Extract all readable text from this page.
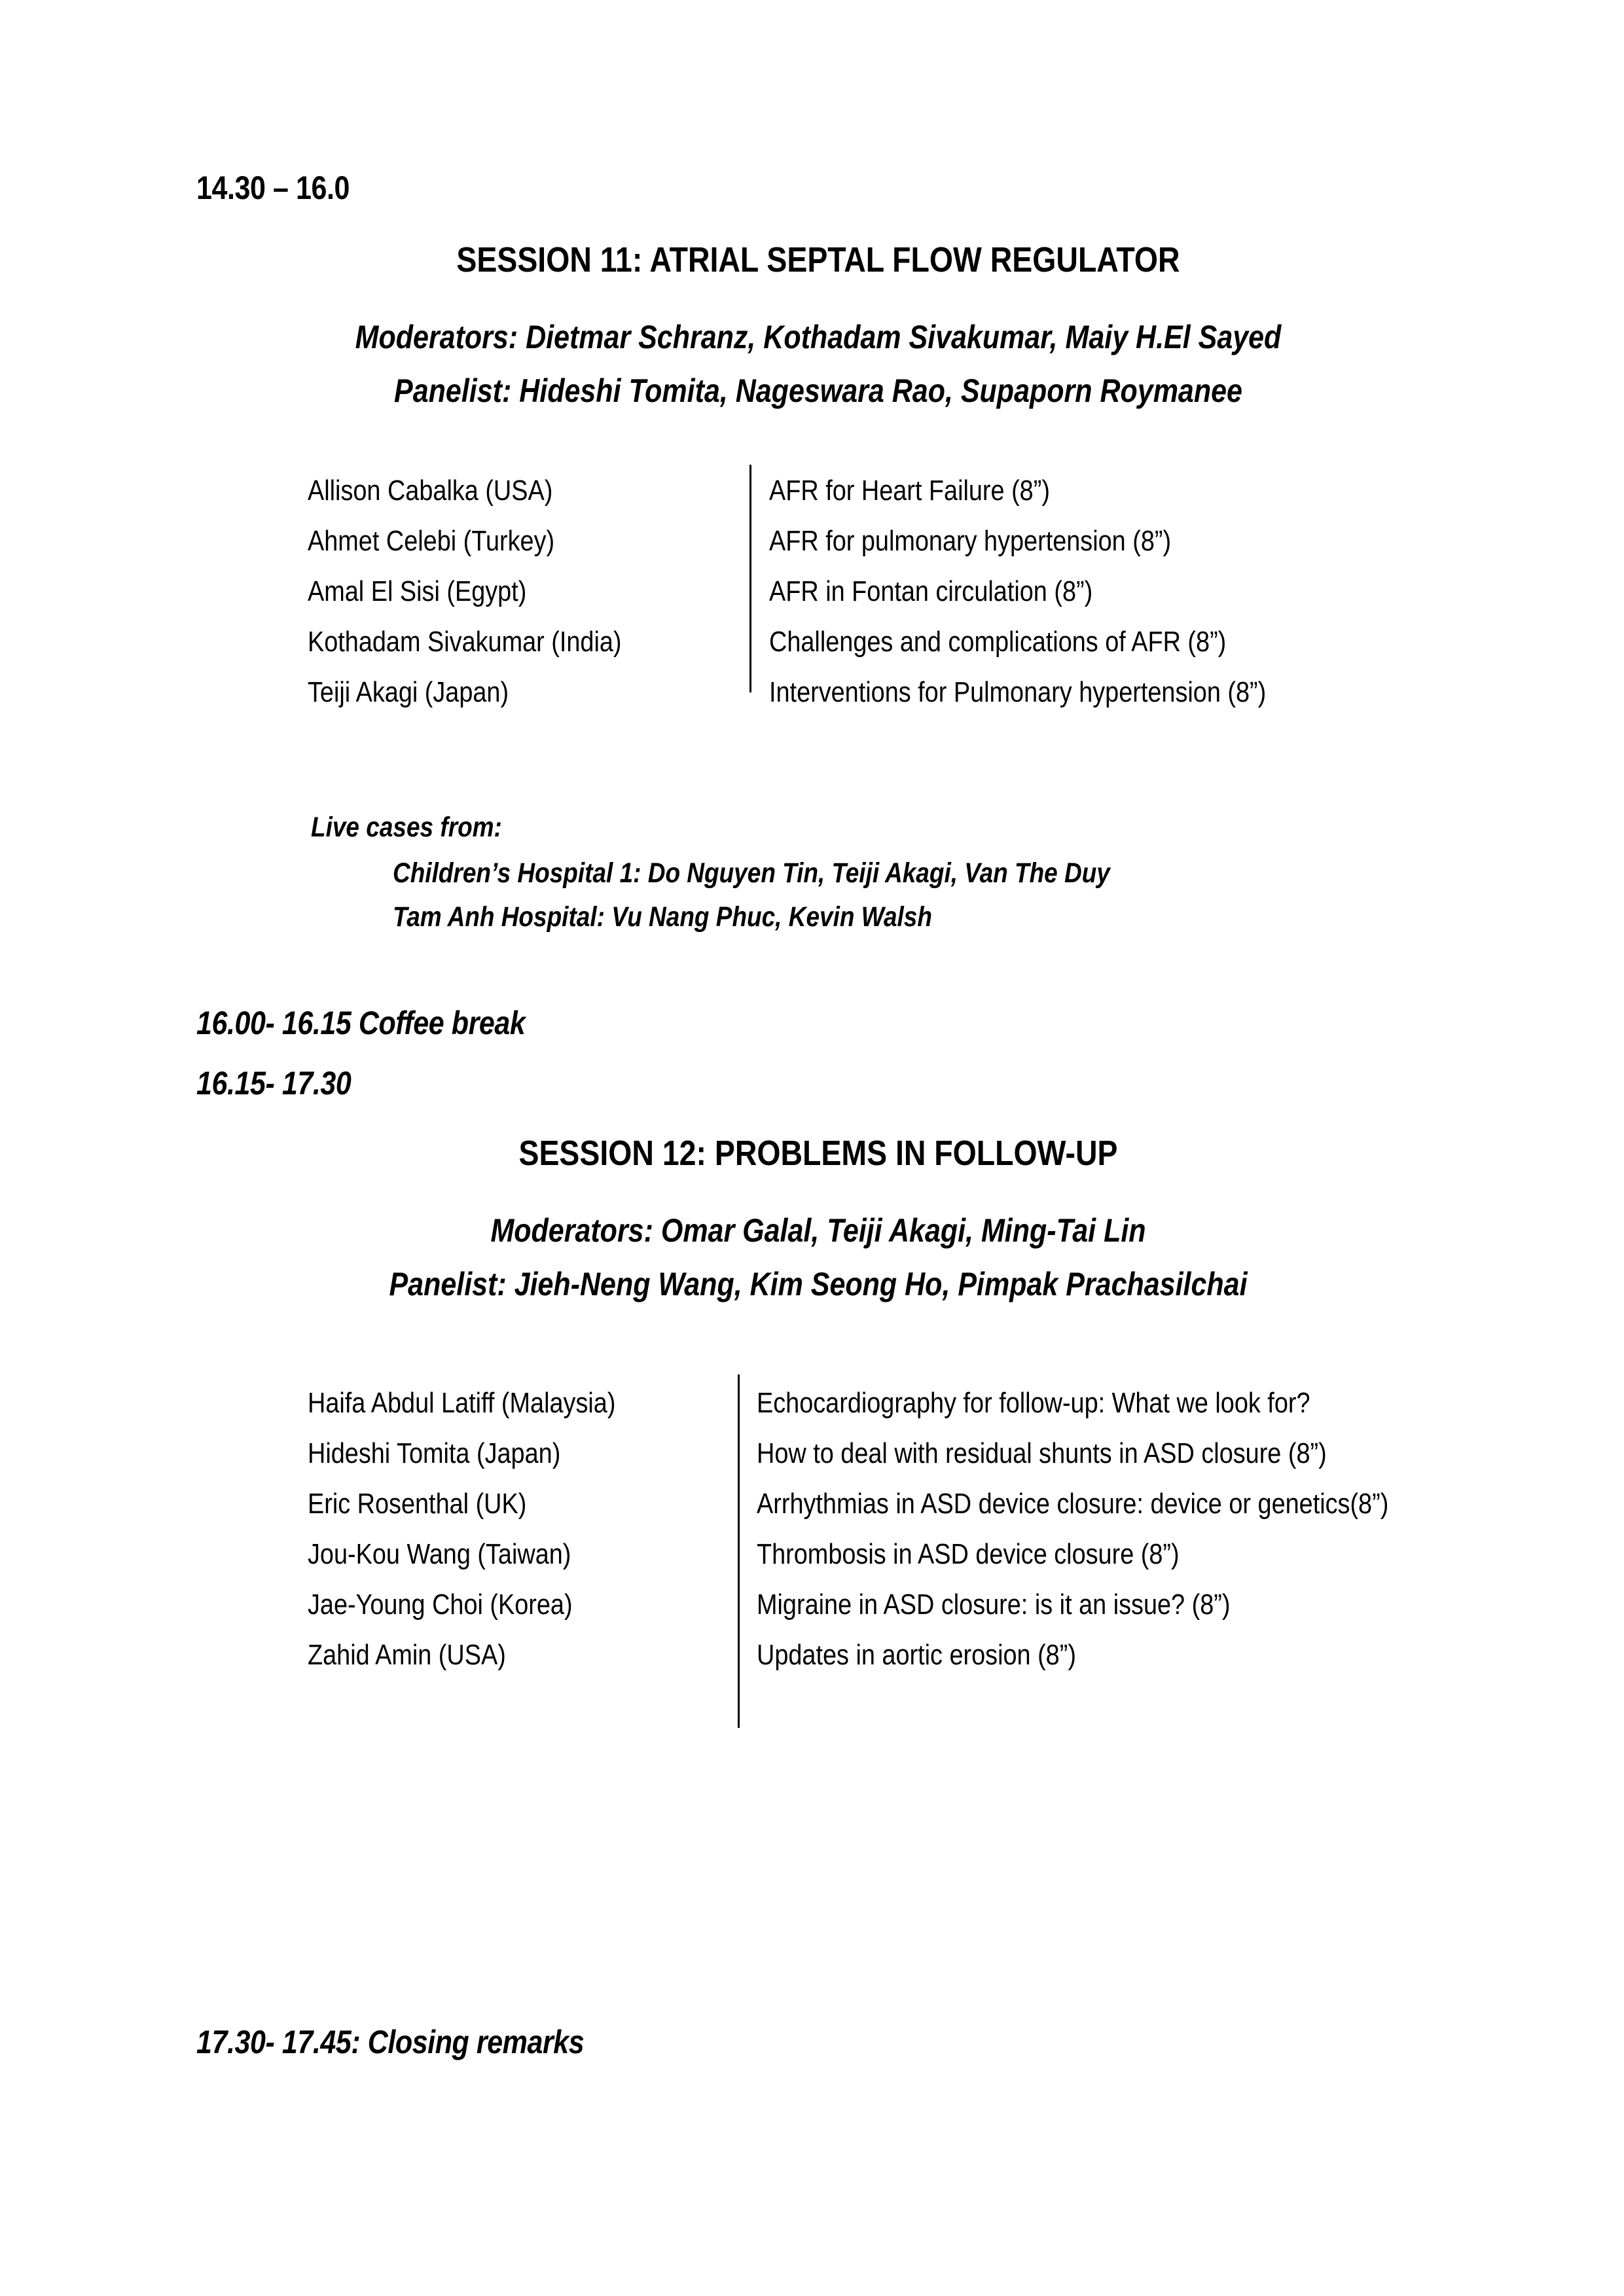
14.30 – 16.0
SESSION 11: ATRIAL SEPTAL FLOW REGULATOR
Moderators: Dietmar Schranz, Kothadam Sivakumar, Maiy H.El Sayed
Panelist: Hideshi Tomita, Nageswara Rao, Supaporn Roymanee
Allison Cabalka (USA)	AFR for Heart Failure (8”)
Ahmet Celebi (Turkey)	AFR for pulmonary hypertension (8”)
Amal El Sisi (Egypt)	AFR in Fontan circulation (8”)
Kothadam Sivakumar (India)	Challenges and complications of AFR (8”)
Teiji Akagi (Japan)	Interventions for Pulmonary hypertension (8”)
Live cases from:
Children’s Hospital 1: Do Nguyen Tin, Teiji Akagi, Van The Duy
Tam Anh Hospital: Vu Nang Phuc, Kevin Walsh
16.00- 16.15 Coffee break
16.15- 17.30
SESSION 12: PROBLEMS IN FOLLOW-UP
Moderators: Omar Galal, Teiji Akagi, Ming-Tai Lin
Panelist: Jieh-Neng Wang, Kim Seong Ho, Pimpak Prachasilchai
Haifa Abdul Latiff (Malaysia)	Echocardiography for follow-up: What we look for?
Hideshi Tomita (Japan)	How to deal with residual shunts in ASD closure (8”)
Eric Rosenthal (UK)	Arrhythmias in ASD device closure: device or genetics(8”)
Jou-Kou Wang (Taiwan)	Thrombosis in ASD device closure (8”)
Jae-Young Choi (Korea)	Migraine in ASD closure: is it an issue? (8”)
Zahid Amin (USA)	Updates in aortic erosion (8”)
17.30- 17.45: Closing remarks
